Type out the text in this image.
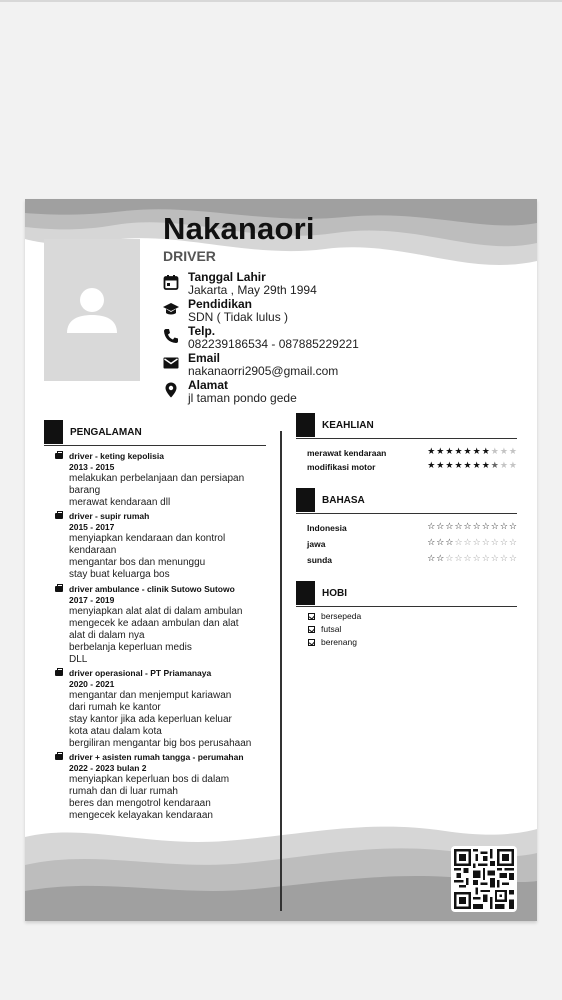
Nakanaori
DRIVER
Tanggal Lahir
Jakarta , May 29th 1994
Pendidikan
SDN ( Tidak lulus )
Telp.
082239186534 - 087885229221
Email
nakanaorri2905@gmail.com
Alamat
jl taman pondo gede
PENGALAMAN
driver - keting kepolisia
2013 - 2015
melakukan perbelanjaan dan persiapan
barang
merawat kendaraan dll
driver - supir rumah
2015 - 2017
menyiapkan kendaraan dan kontrol
kendaraan
mengantar bos dan menunggu
stay buat keluarga bos
driver ambulance - clinik Sutowo Sutowo
2017 - 2019
menyiapkan alat alat di dalam ambulan
mengecek ke adaan ambulan dan alat
alat di dalam nya
berbelanja keperluan medis
DLL
driver operasional - PT Priamanaya
2020 - 2021
mengantar dan menjemput kariawan
dari rumah ke kantor
stay kantor jika ada keperluan keluar
kota atau dalam kota
bergiliran mengantar big bos perusahaan
driver + asisten rumah tangga - perumahan
2022 - 2023 bulan 2
menyiapkan keperluan bos di dalam
rumah dan di luar rumah
beres dan mengotrol kendaraan
mengecek kelayakan kendaraan
KEAHLIAN
merawat kendaraan	★★★★★★★★★★
modifikasi motor	★★★★★★★★★★
BAHASA
Indonesia	☆☆☆☆☆☆☆☆☆☆
jawa	☆☆☆☆☆☆☆☆☆☆
sunda	☆☆☆☆☆☆☆☆☆☆
HOBI
bersepeda
futsal
berenang
